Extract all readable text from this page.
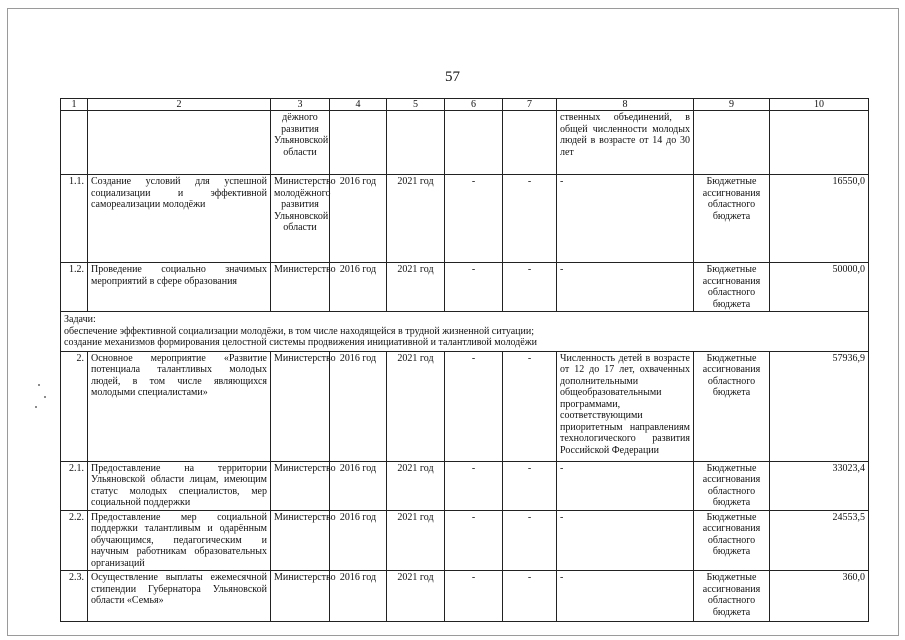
57
1	2	3	4	5	6	7	8	9	10
		дёжного развития Ульяновской области					ственных объединений, в общей численности молодых людей в возрасте от 14 до 30 лет		
1.1.	Создание условий для успешной социализации и эффективной самореализации молодёжи	Министерство молодёжного развития Ульяновской области	2016 год	2021 год	-	-	-	Бюджетные ассигнования областного бюджета	16550,0
1.2.	Проведение социально значимых мероприятий в сфере образования	Министерство	2016 год	2021 год	-	-	-	Бюджетные ассигнования областного бюджета	50000,0

Задачи:
обеспечение эффективной социализации молодёжи, в том числе находящейся в трудной жизненной ситуации;
создание механизмов формирования целостной системы продвижения инициативной и талантливой молодёжи									

2.	Основное мероприятие «Развитие потенциала талантливых молодых людей, в том числе являющихся молодыми специалистами»	Министерство	2016 год	2021 год	-	-	Численность детей в возрасте от 12 до 17 лет, охваченных дополнительными общеобразовательными программами, соответствующими приоритетным направлениям технологического развития Российской Федерации	Бюджетные ассигнования областного бюджета	57936,9
2.1.	Предоставление на территории Ульяновской области лицам, имеющим статус молодых специалистов, мер социальной поддержки	Министерство	2016 год	2021 год	-	-	-	Бюджетные ассигнования областного бюджета	33023,4
2.2.	Предоставление мер социальной поддержки талантливым и одарённым обучающимся, педагогическим и научным работникам образовательных организаций	Министерство	2016 год	2021 год	-	-	-	Бюджетные ассигнования областного бюджета	24553,5
2.3.	Осуществление выплаты ежемесячной стипендии Губернатора Ульяновской области «Семья»	Министерство	2016 год	2021 год	-	-	-	Бюджетные ассигнования областного бюджета	360,0
